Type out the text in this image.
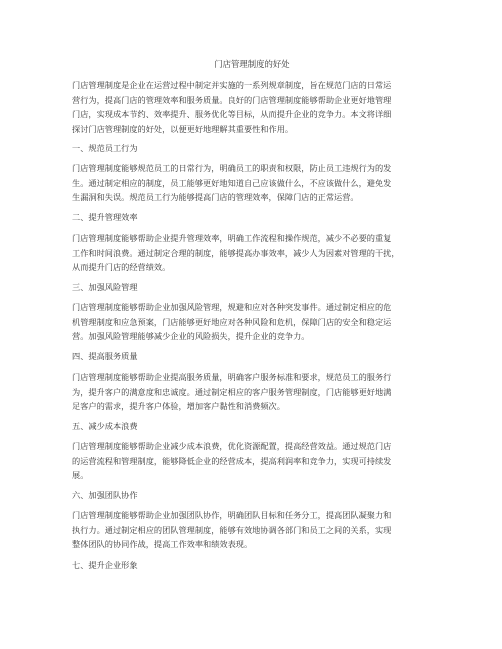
门店管理制度的好处
门店管理制度是企业在运营过程中制定并实施的一系列规章制度，旨在规范门店的日常运
营行为，提高门店的管理效率和服务质量。良好的门店管理制度能够帮助企业更好地管理
门店，实现成本节约、效率提升、服务优化等目标，从而提升企业的竞争力。本文将详细
探讨门店管理制度的好处，以便更好地理解其重要性和作用。
一、规范员工行为
门店管理制度能够规范员工的日常行为，明确员工的职责和权限，防止员工违规行为的发
生。通过制定相应的制度，员工能够更好地知道自己应该做什么，不应该做什么，避免发
生漏洞和失误。规范员工行为能够提高门店的管理效率，保障门店的正常运营。
二、提升管理效率
门店管理制度能够帮助企业提升管理效率，明确工作流程和操作规范，减少不必要的重复
工作和时间浪费。通过制定合理的制度，能够提高办事效率，减少人为因素对管理的干扰，
从而提升门店的经营绩效。
三、加强风险管理
门店管理制度能够帮助企业加强风险管理，规避和应对各种突发事件。通过制定相应的危
机管理制度和应急预案，门店能够更好地应对各种风险和危机，保障门店的安全和稳定运
营。加强风险管理能够减少企业的风险损失，提升企业的竞争力。
四、提高服务质量
门店管理制度能够帮助企业提高服务质量，明确客户服务标准和要求，规范员工的服务行
为，提升客户的满意度和忠诚度。通过制定相应的客户服务管理制度，门店能够更好地满
足客户的需求，提升客户体验，增加客户黏性和消费频次。
五、减少成本浪费
门店管理制度能够帮助企业减少成本浪费，优化资源配置，提高经营效益。通过规范门店
的运营流程和管理制度，能够降低企业的经营成本，提高利润率和竞争力，实现可持续发
展。
六、加强团队协作
门店管理制度能够帮助企业加强团队协作，明确团队目标和任务分工，提高团队凝聚力和
执行力。通过制定相应的团队管理制度，能够有效地协调各部门和员工之间的关系，实现
整体团队的协同作战，提高工作效率和绩效表现。
七、提升企业形象
